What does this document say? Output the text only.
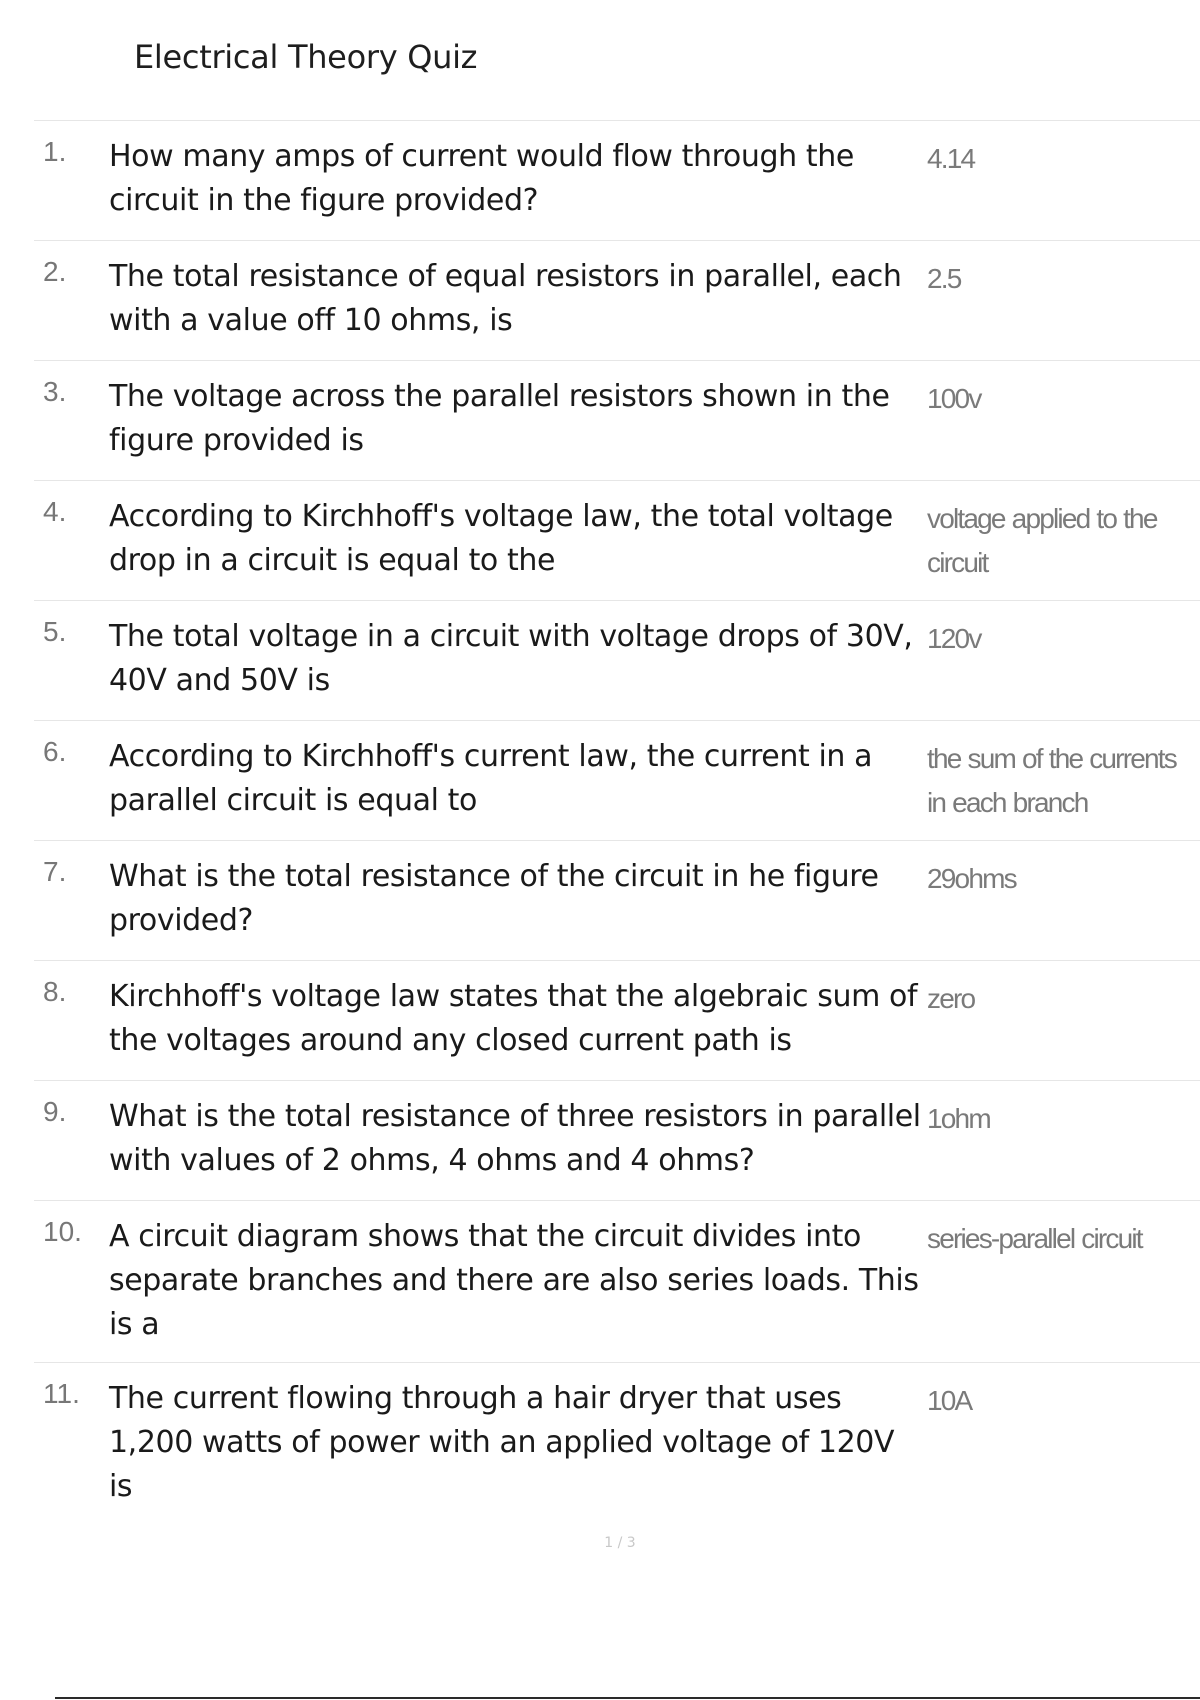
Electrical Theory Quiz
1.	How many amps of current would flow through the circuit in the figure provided?
4.14
2.	The total resistance of equal resistors in parallel, each with a value off 10 ohms, is
2.5
3.	The voltage across the parallel resistors shown in the figure provided is
100v
4.	According to Kirchhoff's voltage law, the total voltage drop in a circuit is equal to the
voltage applied to the circuit
5.	The total voltage in a circuit with voltage drops of 30V, 40V and 50V is
120v
6.	According to Kirchhoff's current law, the current in a parallel circuit is equal to
the sum of the currents in each branch
7.	What is the total resistance of the circuit in he figure provided?
29ohms
8.	Kirchhoff's voltage law states that the algebraic sum of the voltages around any closed current path is
zero
9.	What is the total resistance of three resistors in parallel with values of 2 ohms, 4 ohms and 4 ohms?
1ohm
10. A circuit diagram shows that the circuit divides into separate branches and there are also series loads. This is a
series-parallel circuit
11. The current flowing through a hair dryer that uses 1,200 watts of power with an applied voltage of 120V is
10A
1 / 3
